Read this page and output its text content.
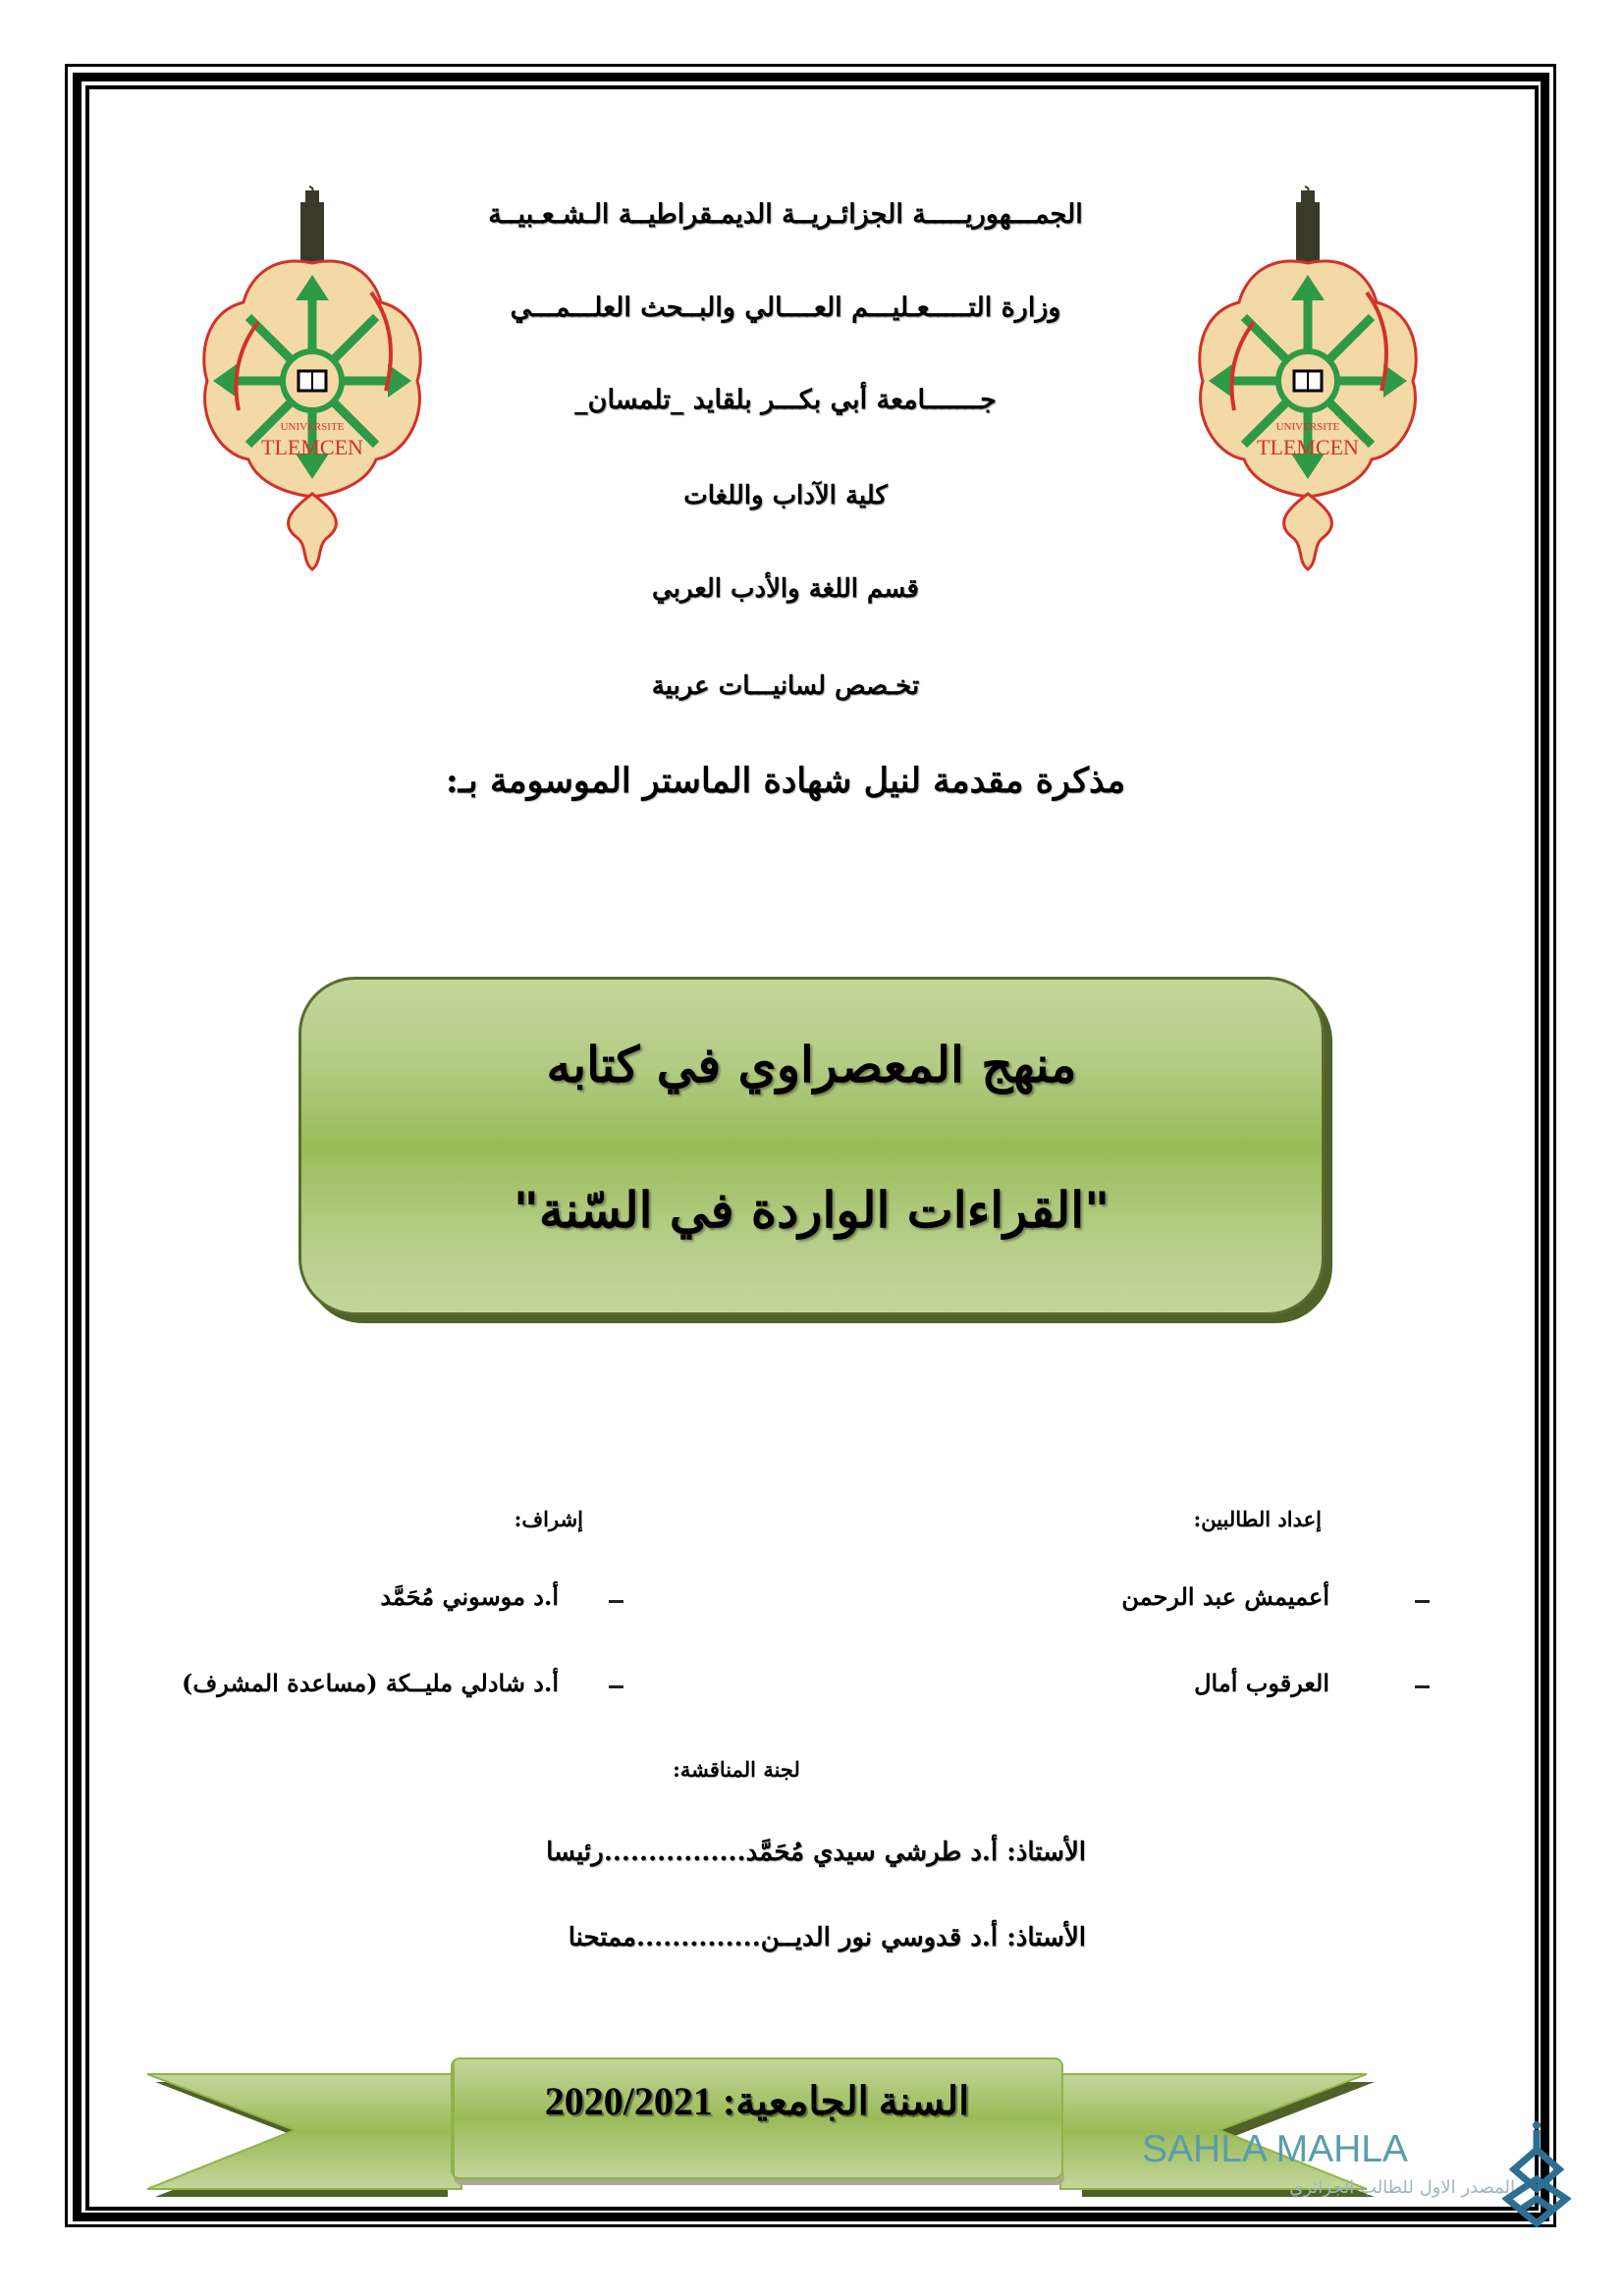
UNIVERSITE
TLEMCEN
UNIVERSITE
TLEMCEN
الجمـــهوريـــــة الجزائـريــة الديمـقراطيــة الـشـعـبيــة
وزارة التـــــعـليـــم العــــالي والبــحث العلـــمـــي
جـــــــامعة أبي بكـــر بلقايد _تلمسان_
كلية الآداب واللغات
قسم اللغة والأدب العربي
تخـصص لسانيـــات عربية
مذكرة مقدمة لنيل شهادة الماستر الموسومة بـ:
منهج المعصراوي في كتابه
"القراءات الواردة في السّنة"
إعداد الطالبين:
أعميمش عبد الرحمن
العرقوب أمال
إشراف:
أ.د موسوني مُحَمَّد
أ.د شادلي مليــكة (مساعدة المشرف)
لجنة المناقشة:
الأستاذ: أ.د طرشي سيدي مُحَمَّد................رئيسا
الأستاذ: أ.د قدوسي نور الديــن..............ممتحنا
السنة الجامعية: 2020/2021
SAHLA MAHLA
المصدر الاول للطالب الجزائري
